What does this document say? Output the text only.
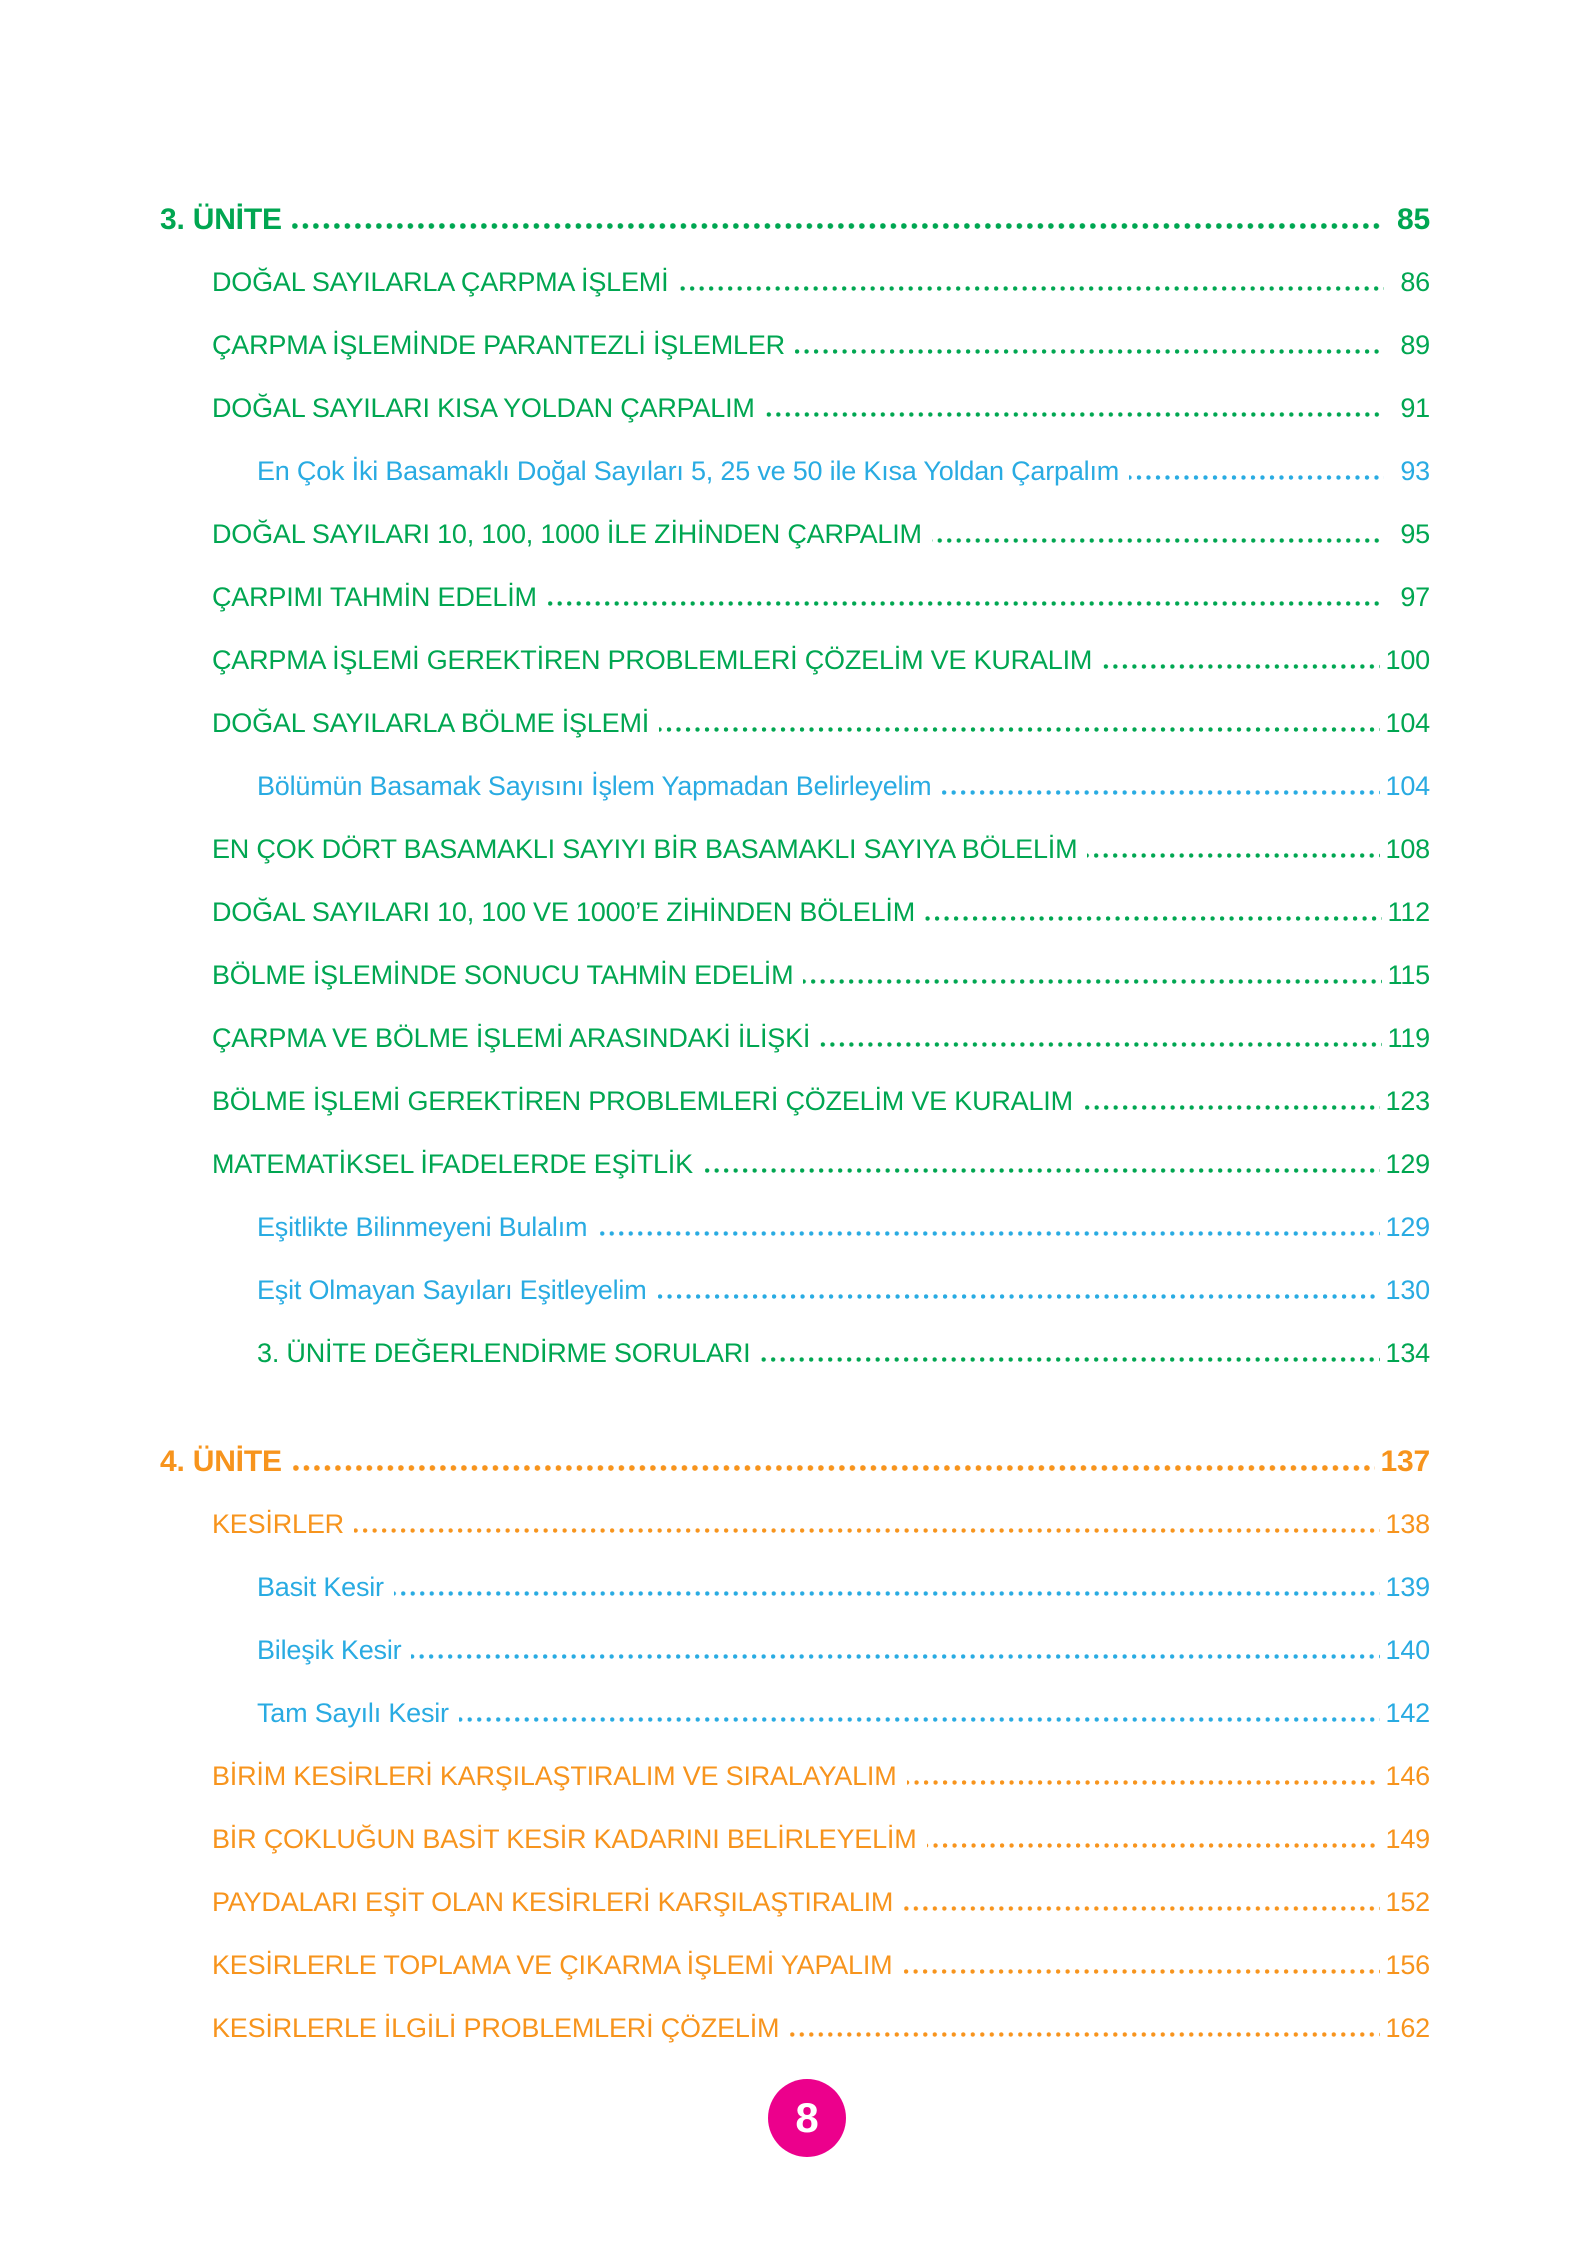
3. ÜNİTE	85
DOĞAL SAYILARLA ÇARPMA İŞLEMİ	86
ÇARPMA İŞLEMİNDE PARANTEZLİ İŞLEMLER	89
DOĞAL SAYILARI KISA YOLDAN ÇARPALIM	91
En Çok İki Basamaklı Doğal Sayıları 5, 25 ve 50 ile Kısa Yoldan Çarpalım	93
DOĞAL SAYILARI 10, 100, 1000 İLE ZİHİNDEN ÇARPALIM	95
ÇARPIMI TAHMİN EDELİM	97
ÇARPMA İŞLEMİ GEREKTİREN PROBLEMLERİ ÇÖZELİM VE KURALIM	100
DOĞAL SAYILARLA BÖLME İŞLEMİ	104
Bölümün Basamak Sayısını İşlem Yapmadan Belirleyelim	104
EN ÇOK DÖRT BASAMAKLI SAYIYI BİR BASAMAKLI SAYIYA BÖLELİM	108
DOĞAL SAYILARI 10, 100 VE 1000’E ZİHİNDEN BÖLELİM	112
BÖLME İŞLEMİNDE SONUCU TAHMİN EDELİM	115
ÇARPMA VE BÖLME İŞLEMİ ARASINDAKİ İLİŞKİ	119
BÖLME İŞLEMİ GEREKTİREN PROBLEMLERİ ÇÖZELİM VE KURALIM	123
MATEMATİKSEL İFADELERDE EŞİTLİK	129
Eşitlikte Bilinmeyeni Bulalım	129
Eşit Olmayan Sayıları Eşitleyelim	130
3. ÜNİTE DEĞERLENDİRME SORULARI	134
4. ÜNİTE	137
KESİRLER	138
Basit Kesir	139
Bileşik Kesir	140
Tam Sayılı Kesir	142
BİRİM KESİRLERİ KARŞILAŞTIRALIM VE SIRALAYALIM	146
BİR ÇOKLUĞUN BASİT KESİR KADARINI BELİRLEYELİM	149
PAYDALARI EŞİT OLAN KESİRLERİ KARŞILAŞTIRALIM	152
KESİRLERLE TOPLAMA VE ÇIKARMA İŞLEMİ YAPALIM	156
KESİRLERLE İLGİLİ PROBLEMLERİ ÇÖZELİM	162
8
